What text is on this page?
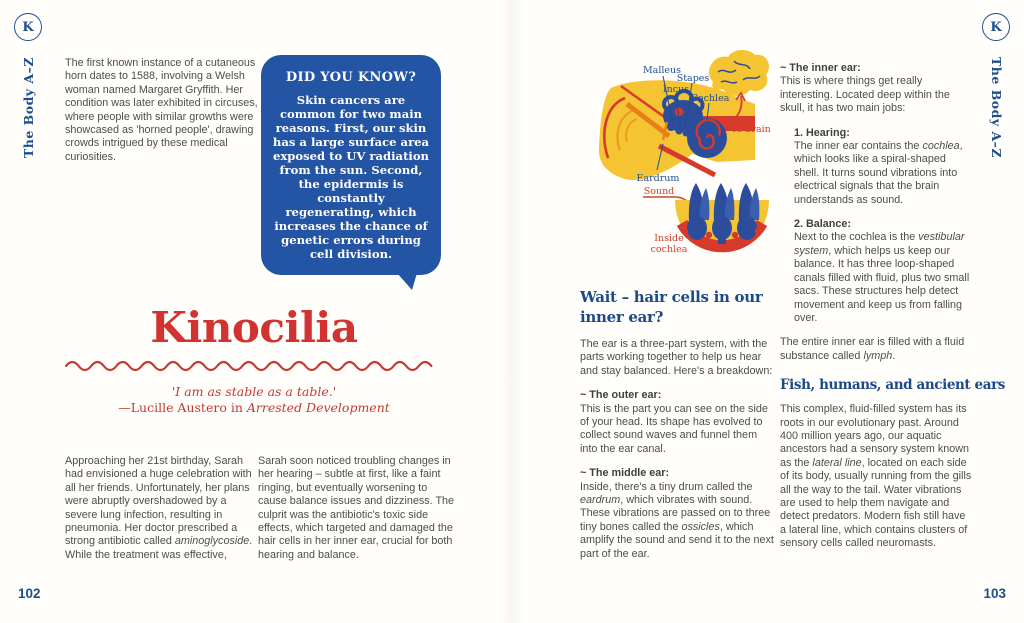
K	K
The Body A–Z	The Body A–Z
102	103

The first known instance of a cutaneous horn dates to 1588, involving a Welsh woman named Margaret Gryffith. Her condition was later exhibited in circuses, where people with similar growths were showcased as 'horned people', drawing crowds intrigued by these medical curiosities.

DID YOU KNOW?
Skin cancers are common for two main reasons. First, our skin has a large surface area exposed to UV radiation from the sun. Second, the epidermis is constantly regenerating, which increases the chance of genetic errors during cell division.
Kinocilia
'I am as stable as a table.'
—Lucille Austero in Arrested Development

Approaching her 21st birthday, Sarah had envisioned a huge celebration with all her friends. Unfortunately, her plans were abruptly overshadowed by a severe lung infection, resulting in pneumonia. Her doctor prescribed a strong antibiotic called aminoglycoside. While the treatment was effective,

Sarah soon noticed troubling changes in her hearing – subtle at first, like a faint ringing, but eventually worsening to cause balance issues and dizziness. The culprit was the antibiotic's toxic side effects, which targeted and damaged the hair cells in her inner ear, crucial for both hearing and balance.

Malleus
Stapes
Incus
Cochlea
To brain
Eardrum
Sound
Inside
cochlea
Wait – hair cells in our inner ear?

The ear is a three-part system, with the parts working together to help us hear and stay balanced. Here's a breakdown:

~ The outer ear:

This is the part you can see on the side of your head. Its shape has evolved to collect sound waves and funnel them into the ear canal.

~ The middle ear:

Inside, there's a tiny drum called the eardrum, which vibrates with sound. These vibrations are passed on to three tiny bones called the ossicles, which amplify the sound and send it to the next part of the ear.

~ The inner ear:

This is where things get really interesting. Located deep within the skull, it has two main jobs:

1. Hearing:

The inner ear contains the cochlea, which looks like a spiral-shaped shell. It turns sound vibrations into electrical signals that the brain understands as sound.

2. Balance:

Next to the cochlea is the vestibular system, which helps us keep our balance. It has three loop-shaped canals filled with fluid, plus two small sacs. These structures help detect movement and keep us from falling over.

The entire inner ear is filled with a fluid substance called lymph.

Fish, humans, and ancient ears

This complex, fluid-filled system has its roots in our evolutionary past. Around 400 million years ago, our aquatic ancestors had a sensory system known as the lateral line, located on each side of its body, usually running from the gills all the way to the tail. Water vibrations are used to help them navigate and detect predators. Modern fish still have a lateral line, which contains clusters of sensory cells called neuromasts.
